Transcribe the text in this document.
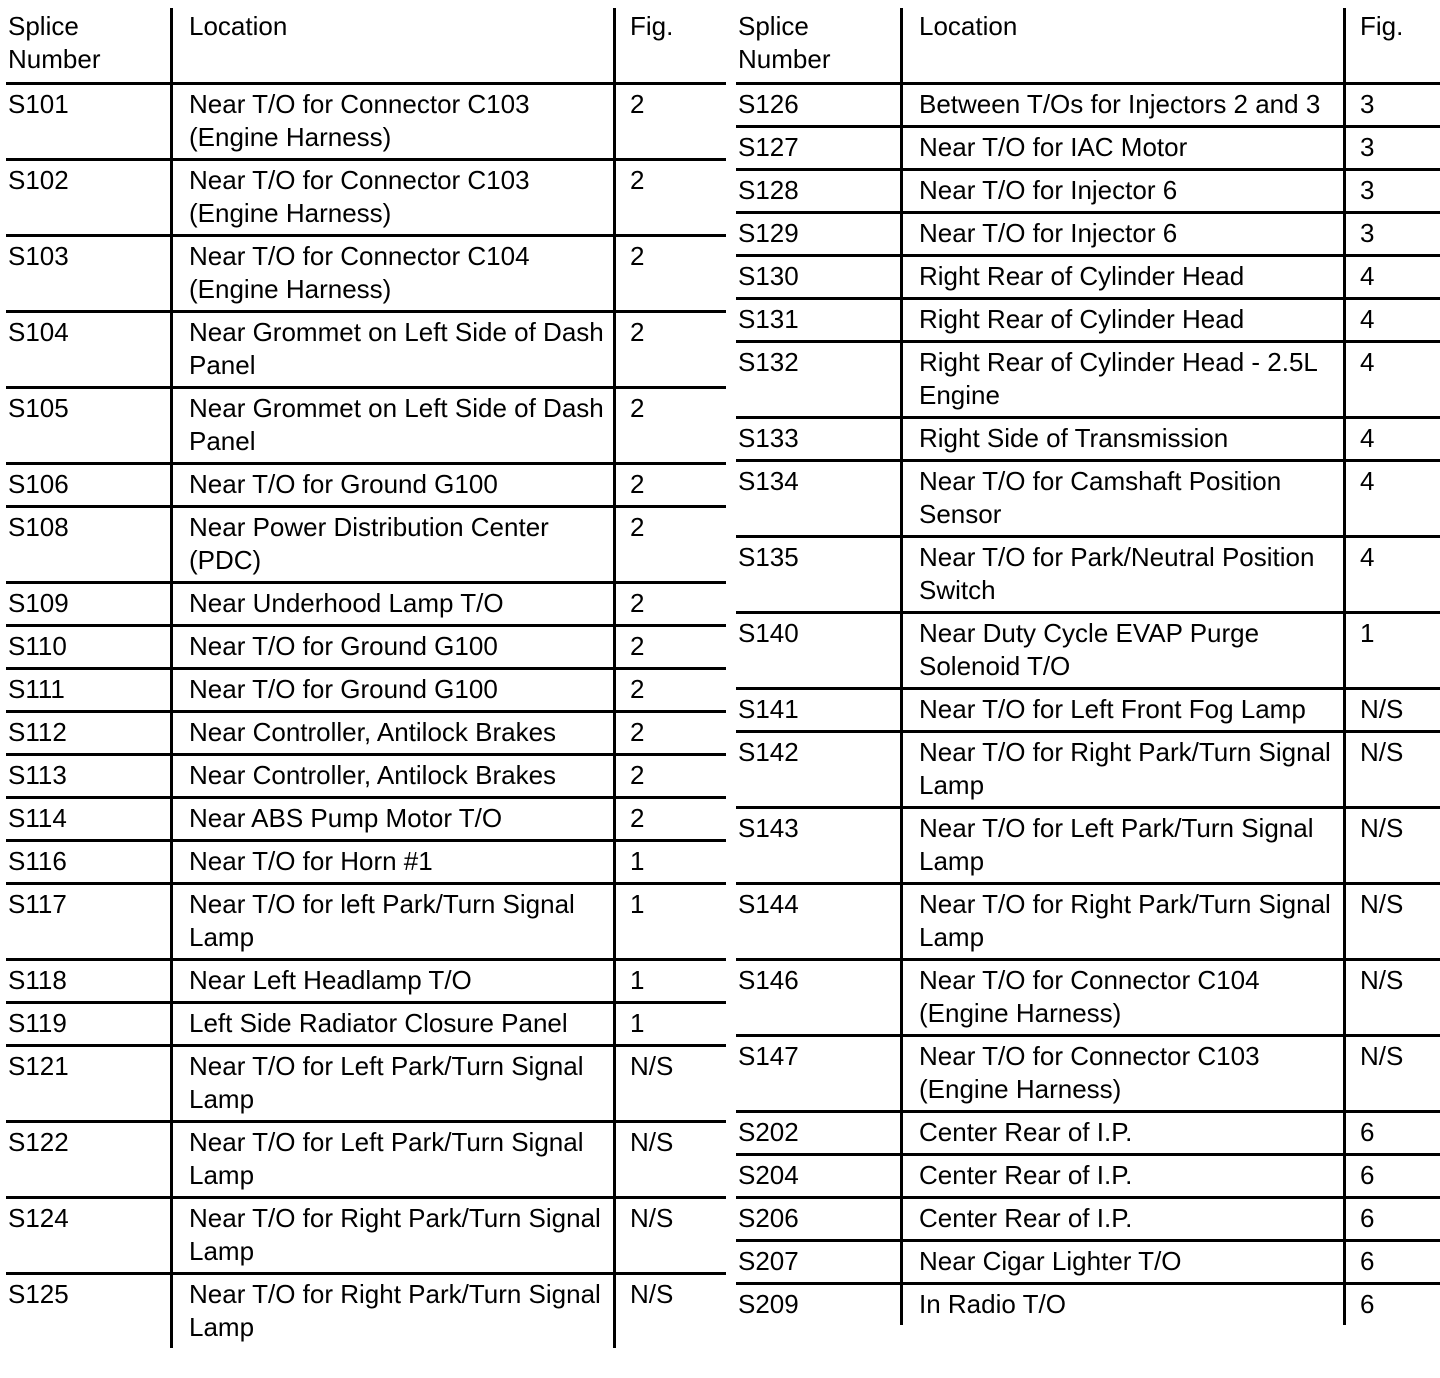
Splice Number	Location	Fig.
S101	Near T/O for Connector C103 (Engine Harness)	2
S102	Near T/O for Connector C103 (Engine Harness)	2
S103	Near T/O for Connector C104 (Engine Harness)	2
S104	Near Grommet on Left Side of Dash Panel	2
S105	Near Grommet on Left Side of Dash Panel	2
S106	Near T/O for Ground G100	2
S108	Near Power Distribution Center (PDC)	2
S109	Near Underhood Lamp T/O	2
S110	Near T/O for Ground G100	2
S111	Near T/O for Ground G100	2
S112	Near Controller, Antilock Brakes	2
S113	Near Controller, Antilock Brakes	2
S114	Near ABS Pump Motor T/O	2
S116	Near T/O for Horn #1	1
S117	Near T/O for left Park/Turn Signal Lamp	1
S118	Near Left Headlamp T/O	1
S119	Left Side Radiator Closure Panel	1
S121	Near T/O for Left Park/Turn Signal Lamp	N/S
S122	Near T/O for Left Park/Turn Signal Lamp	N/S
S124	Near T/O for Right Park/Turn Signal Lamp	N/S
S125	Near T/O for Right Park/Turn Signal Lamp	N/S
Splice Number	Location	Fig.
S126	Between T/Os for Injectors 2 and 3	3
S127	Near T/O for IAC Motor	3
S128	Near T/O for Injector 6	3
S129	Near T/O for Injector 6	3
S130	Right Rear of Cylinder Head	4
S131	Right Rear of Cylinder Head	4
S132	Right Rear of Cylinder Head - 2.5L Engine	4
S133	Right Side of Transmission	4
S134	Near T/O for Camshaft Position Sensor	4
S135	Near T/O for Park/Neutral Position Switch	4
S140	Near Duty Cycle EVAP Purge Solenoid T/O	1
S141	Near T/O for Left Front Fog Lamp	N/S
S142	Near T/O for Right Park/Turn Signal Lamp	N/S
S143	Near T/O for Left Park/Turn Signal Lamp	N/S
S144	Near T/O for Right Park/Turn Signal Lamp	N/S
S146	Near T/O for Connector C104 (Engine Harness)	N/S
S147	Near T/O for Connector C103 (Engine Harness)	N/S
S202	Center Rear of I.P.	6
S204	Center Rear of I.P.	6
S206	Center Rear of I.P.	6
S207	Near Cigar Lighter T/O	6
S209	In Radio T/O	6
